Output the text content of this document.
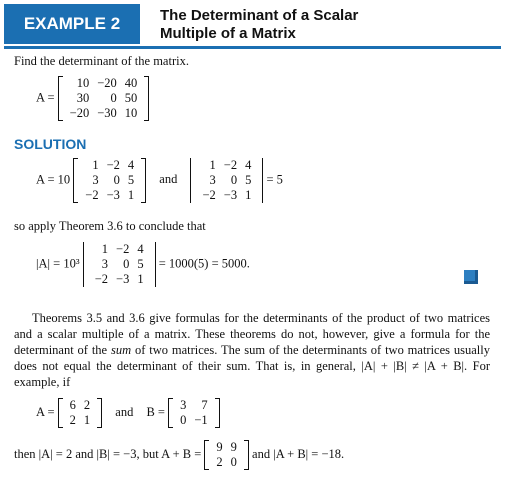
EXAMPLE 2	The Determinant of a Scalar
Multiple of a Matrix
Find the determinant of the matrix.
A =
10	−20	40
30	0	50
−20	−30	10
SOLUTION
A = 10
1	−2	4
3	0	5
−2	−3	1
and
1	−2	4
3	0	5
−2	−3	1
= 5
so apply Theorem 3.6 to conclude that
|A| = 10³
1	−2	4
3	0	5
−2	−3	1
= 1000(5) = 5000.

Theorems 3.5 and 3.6 give formulas for the determinants of the product of two matrices and a scalar multiple of a matrix. These theorems do not, however, give a formula for the determinant of the sum of two matrices. The sum of the determinants of two matrices usually does not equal the determinant of their sum. That is, in general, |A| + |B| ≠ |A + B|. For example, if

A = 6	2
2	1
and B = 3	7
0	−1
then |A| = 2 and |B| = −3, but A + B = 9	9
2	0
and |A + B| = −18.
